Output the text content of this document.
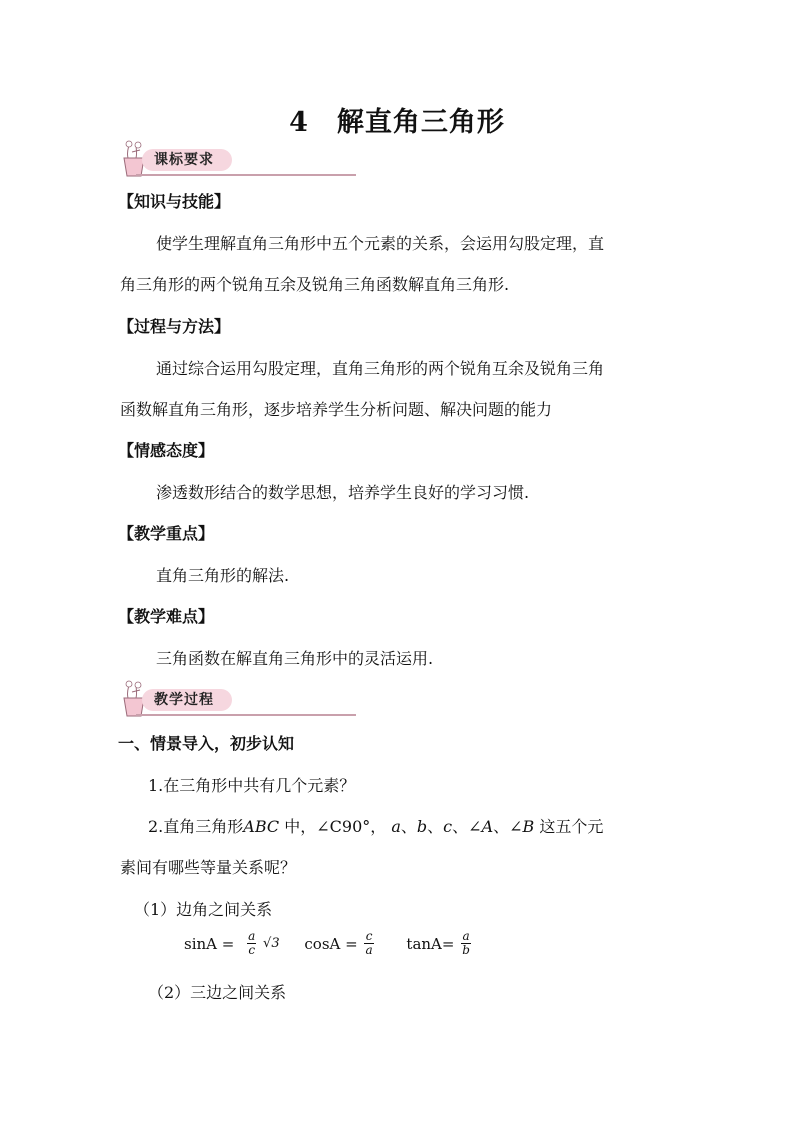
4　解直角三角形
课标要求
【知识与技能】
使学生理解直角三角形中五个元素的关系，会运用勾股定理，直
角三角形的两个锐角互余及锐角三角函数解直角三角形.
【过程与方法】
通过综合运用勾股定理，直角三角形的两个锐角互余及锐角三角
函数解直角三角形，逐步培养学生分析问题、解决问题的能力
【情感态度】
渗透数形结合的数学思想，培养学生良好的学习习惯.
【教学重点】
直角三角形的解法.
【教学难点】
三角函数在解直角三角形中的灵活运用.
教学过程
一、情景导入，初步认知
1.在三角形中共有几个元素？
2.直角三角形ABC 中，∠C90°， a、b、c、∠A、∠B 这五个元
素间有哪些等量关系呢？
（1）边角之间关系
$\sin A = \frac{a}{c} √3$ $\cos A = \frac{c}{a} \tan A= \frac{a}{b}$
（2）三边之间关系
